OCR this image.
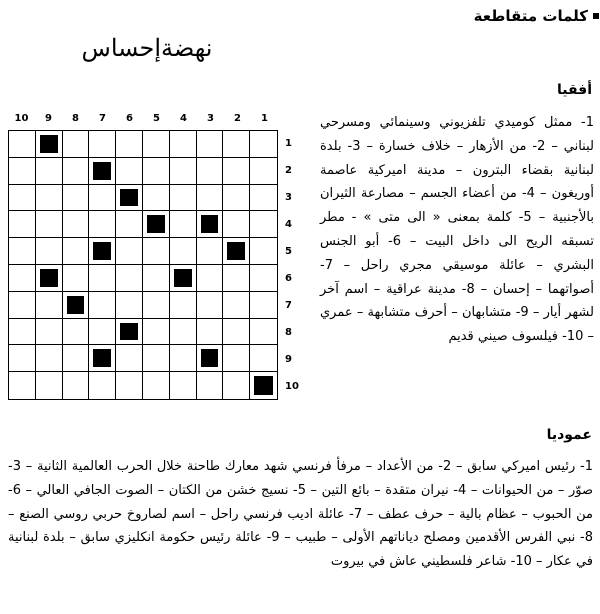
كلمات متقاطعة
نهضةإحساس
10	9	8	7	6	5	4	3	2	1
1
2
3
4
5
6
7
8
9
10
أفقيا
1- ممثل كوميدي تلفزيوني وسينمائي ومسرحي لبناني – 2- من الأزهار – خلاف خسارة – 3- بلدة لبنانية بقضاء البترون – مدينة اميركية عاصمة أوريغون – 4- من أعضاء الجسم – مصارعة الثيران بالأجنبية – 5- كلمة بمعنى « الى متى » - مطر تسبقه الريح الى داخل البيت – 6- أبو الجنس البشري – عائلة موسيقي مجري راحل – 7- أصواتهما – إحسان – 8- مدينة عراقية – اسم آخر لشهر أيار – 9- متشابهان – أحرف متشابهة – عمري – 10- فيلسوف صيني قديم
عموديا
1- رئيس اميركي سابق – 2- من الأعداد – مرفأ فرنسي شهد معارك طاحنة خلال الحرب العالمية الثانية – 3- صوّر – من الحيوانات – 4- نيران متقدة – بائع التين – 5- نسيج خشن من الكتان – الصوت الجافي العالي – 6- من الحبوب – عظام بالية – حرف عطف – 7- عائلة اديب فرنسي راحل – اسم لصاروخ حربي روسي الصنع – 8- نبي الفرس الأقدمين ومصلح دياناتهم الأولى – طبيب – 9- عائلة رئيس حكومة انكليزي سابق – بلدة لبنانية في عكار – 10- شاعر فلسطيني عاش في بيروت
